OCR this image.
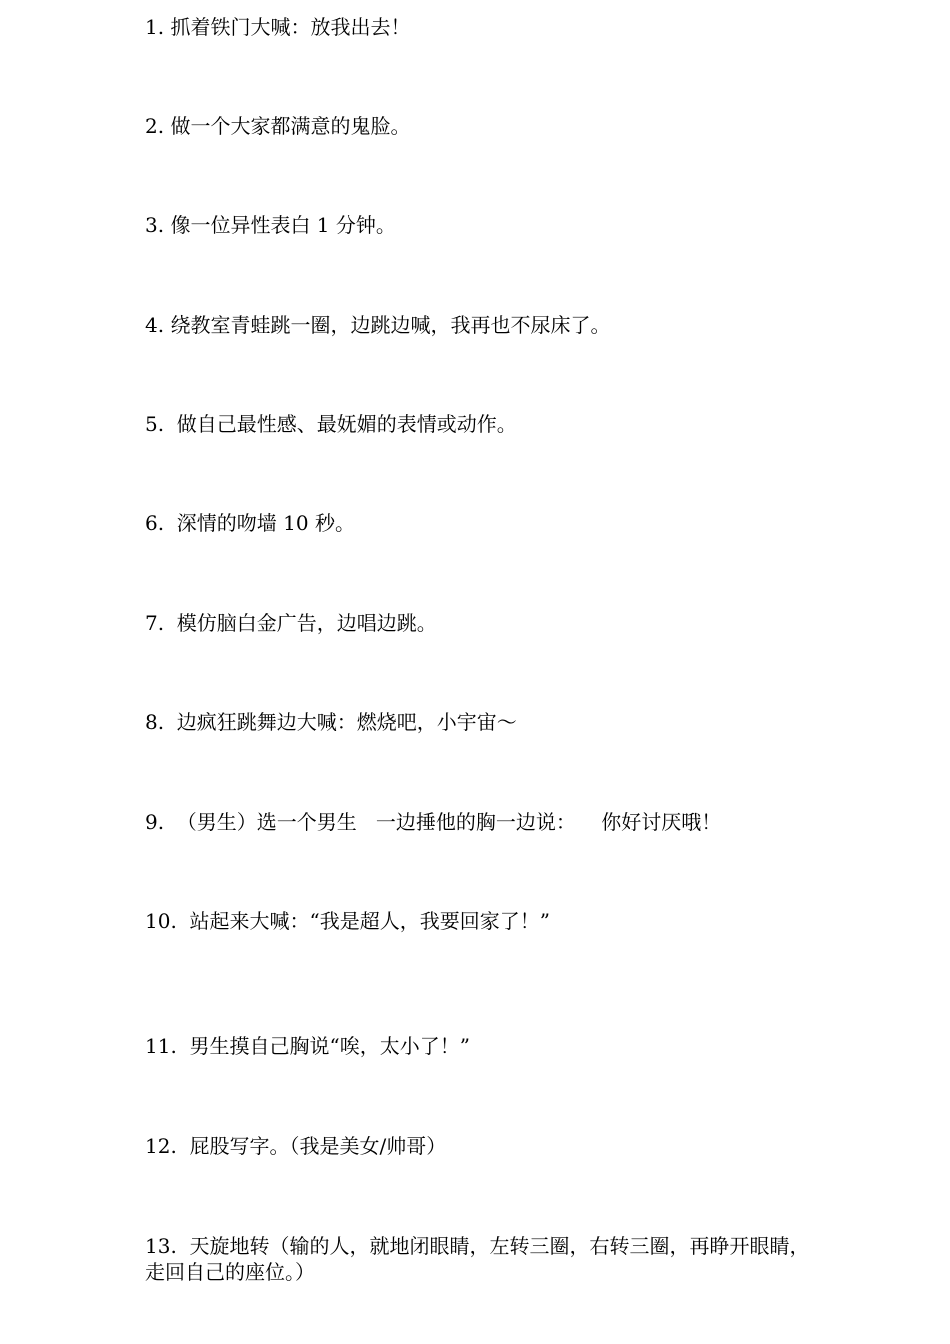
1. 抓着铁门大喊：放我出去！

2. 做一个大家都满意的鬼脸。

3. 像一位异性表白 1 分钟。

4. 绕教室青蛙跳一圈，边跳边喊，我再也不尿床了。

5.  做自己最性感、最妩媚的表情或动作。

6.  深情的吻墙 10 秒。

7.  模仿脑白金广告，边唱边跳。

8.  边疯狂跳舞边大喊：燃烧吧，小宇宙～

9.  （男生）选一个男生   一边捶他的胸一边说：    你好讨厌哦！

10.  站起来大喊：“我是超人，我要回家了！”

11.  男生摸自己胸说“唉，太小了！”

12.  屁股写字。（我是美女/帅哥）

13.  天旋地转（输的人，就地闭眼睛，左转三圈，右转三圈，再睁开眼睛，走回自己的座位。）
